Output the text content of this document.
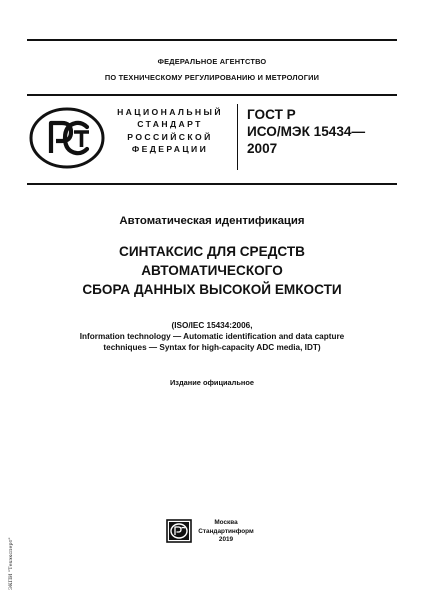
ФЕДЕРАЛЬНОЕ АГЕНТСТВО
ПО ТЕХНИЧЕСКОМУ РЕГУЛИРОВАНИЮ И МЕТРОЛОГИИ
НАЦИОНАЛЬНЫЙ
СТАНДАРТ
РОССИЙСКОЙ
ФЕДЕРАЦИИ
ГОСТ Р
ИСО/МЭК 15434—
2007
Автоматическая идентификация
СИНТАКСИС ДЛЯ СРЕДСТВ
АВТОМАТИЧЕСКОГО
СБОРА ДАННЫХ ВЫСОКОЙ ЕМКОСТИ
(ISO/IEC 15434:2006,
Information technology — Automatic identification and data capture
techniques — Syntax for high-capacity ADC media, IDT)
Издание официальное
Москва
Стандартинформ
2019
ЭКПИ "Техэксперт"
